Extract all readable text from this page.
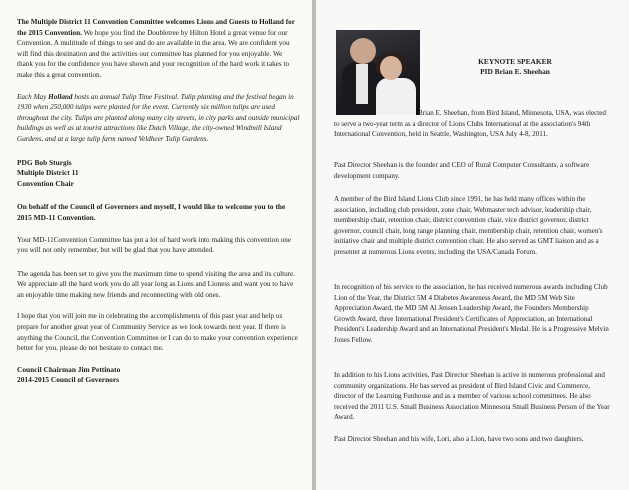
The Multiple District 11 Convention Committee welcomes Lions and Guests to Holland for the 2015 Convention. We hope you find the Doubletree by Hilton Hotel a great venue for our Convention. A multitude of things to see and do are available in the area. We are confident you will find this destination and the activities our committee has planned for you enjoyable. We thank you for the confidence you have shown and your recognition of the hard work it takes to make this a great convention.

Each May Holland hosts an annual Tulip Time Festival. Tulip planting and the festival began in 1930 when 250,000 tulips were planted for the event. Currently six million tulips are used throughout the city. Tulips are planted along many city streets, in city parks and outside municipal buildings as well as at tourist attractions like Dutch Village, the city-owned Windmill Island Gardens, and at a large tulip farm named Veldheer Tulip Gardens.

PDG Bob Sturgis

Multiple District 11

Convention Chair

On behalf of the Council of Governors and myself, I would like to welcome you to the 2015 MD-11 Convention.

Your MD-11Convention Committee has put a lot of hard work into making this convention one you will not only remember, but will be glad that you have attended.

The agenda has been set to give you the maximum time to spend visiting the area and its culture. We appreciate all the hard work you do all year long as Lions and Lioness and want you to have an enjoyable time making new friends and reconnecting with old ones.

I hope that you will join me in celebrating the accomplishments of this past year and help us prepare for another great year of Community Service as we look towards next year. If there is anything the Council, the Convention Committee or I can do to make your convention experience better for you, please do not hesitate to contact me.

Council Chairman Jim Pettinato

2014-2015 Council of Governors

KEYNOTE SPEAKER
PID Brian E. Sheehan

Brian E. Sheehan, from Bird Island, Minnesota, USA, was elected to serve a two-year term as a director of Lions Clubs International at the association's 94th International Convention, held in Seattle, Washington, USA July 4-8, 2011.

Past Director Sheehan is the founder and CEO of Rural Computer Consultants, a software development company.

A member of the Bird Island Lions Club since 1991, he has held many offices within the association, including club president, zone chair, Webmaster tech advisor, leadership chair, membership chair, retention chair, district convention chair, vice district governor, district governor, council chair, long range planning chair, membership chair, retention chair, women's initiative chair and multiple district convention chair. He also served as GMT liaison and as a presenter at numerous Lions events, including the USA/Canada Forum.

In recognition of his service to the association, he has received numerous awards including Club Lion of the Year, the District 5M 4 Diabetes Awareness Award, the MD 5M Web Site Appreciation Award, the MD 5M Al Jensen Leadership Award, the Founders Membership Growth Award, three International President's Certificates of Appreciation, an International President's Leadership Award and an International President's Medal. He is a Progressive Melvin Jones Fellow.

In addition to his Lions activities, Past Director Sheehan is active in numerous professional and community organizations. He has served as president of Bird Island Civic and Commerce, director of the Learning Funhouse and as a member of various school committees. He also received the 2011 U.S. Small Business Association Minnesota Small Business Person of the Year Award.

Past Director Sheehan and his wife, Lori, also a Lion, have two sons and two daughters.
